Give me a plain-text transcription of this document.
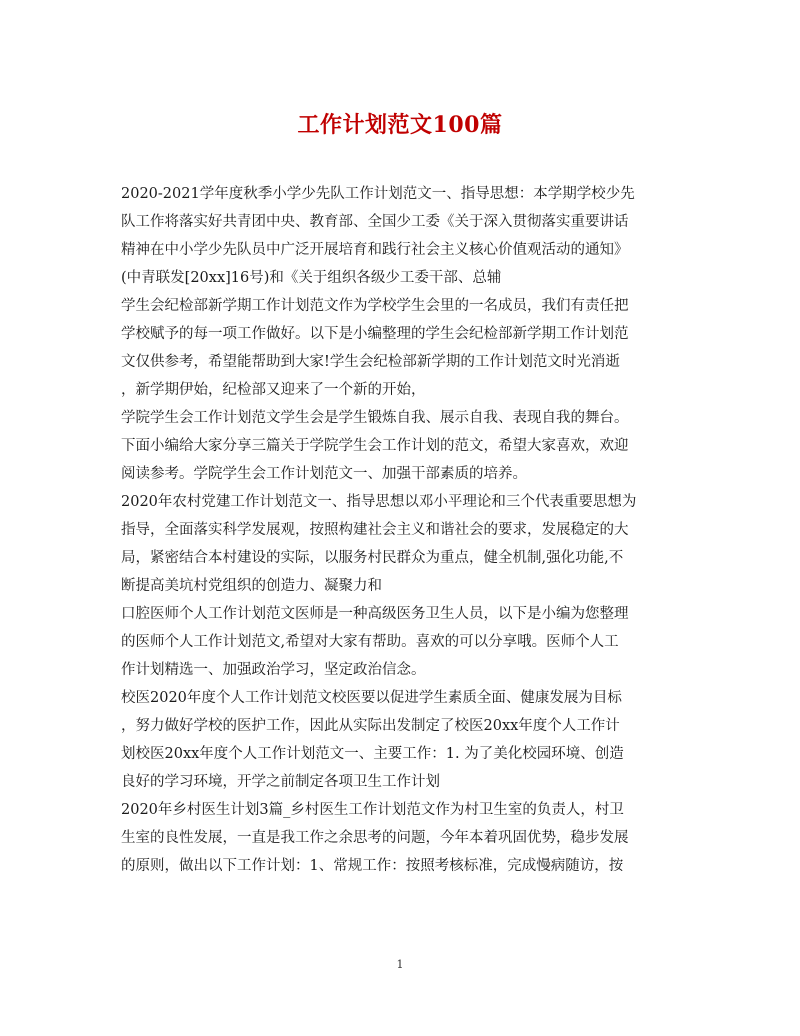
工作计划范文100篇
2020-2021学年度秋季小学少先队工作计划范文一、指导思想：本学期学校少先
队工作将落实好共青团中央、教育部、全国少工委《关于深入贯彻落实重要讲话
精神在中小学少先队员中广泛开展培育和践行社会主义核心价值观活动的通知》
(中青联发[20xx]16号)和《关于组织各级少工委干部、总辅
学生会纪检部新学期工作计划范文作为学校学生会里的一名成员，我们有责任把
学校赋予的每一项工作做好。以下是小编整理的学生会纪检部新学期工作计划范
文仅供参考，希望能帮助到大家!学生会纪检部新学期的工作计划范文时光消逝
，新学期伊始，纪检部又迎来了一个新的开始，
学院学生会工作计划范文学生会是学生锻炼自我、展示自我、表现自我的舞台。
下面小编给大家分享三篇关于学院学生会工作计划的范文，希望大家喜欢，欢迎
阅读参考。学院学生会工作计划范文一、加强干部素质的培养。
2020年农村党建工作计划范文一、指导思想以邓小平理论和三个代表重要思想为
指导，全面落实科学发展观，按照构建社会主义和谐社会的要求，发展稳定的大
局，紧密结合本村建设的实际，以服务村民群众为重点，健全机制,强化功能,不
断提高美坑村党组织的创造力、凝聚力和
口腔医师个人工作计划范文医师是一种高级医务卫生人员，以下是小编为您整理
的医师个人工作计划范文,希望对大家有帮助。喜欢的可以分享哦。医师个人工
作计划精选一、加强政治学习，坚定政治信念。
校医2020年度个人工作计划范文校医要以促进学生素质全面、健康发展为目标
，努力做好学校的医护工作，因此从实际出发制定了校医20xx年度个人工作计
划校医20xx年度个人工作计划范文一、主要工作：1. 为了美化校园环境、创造
良好的学习环境，开学之前制定各项卫生工作计划
2020年乡村医生计划3篇_乡村医生工作计划范文作为村卫生室的负责人，村卫
生室的良性发展，一直是我工作之余思考的问题，今年本着巩固优势，稳步发展
的原则，做出以下工作计划：1、常规工作：按照考核标准，完成慢病随访，按
1
